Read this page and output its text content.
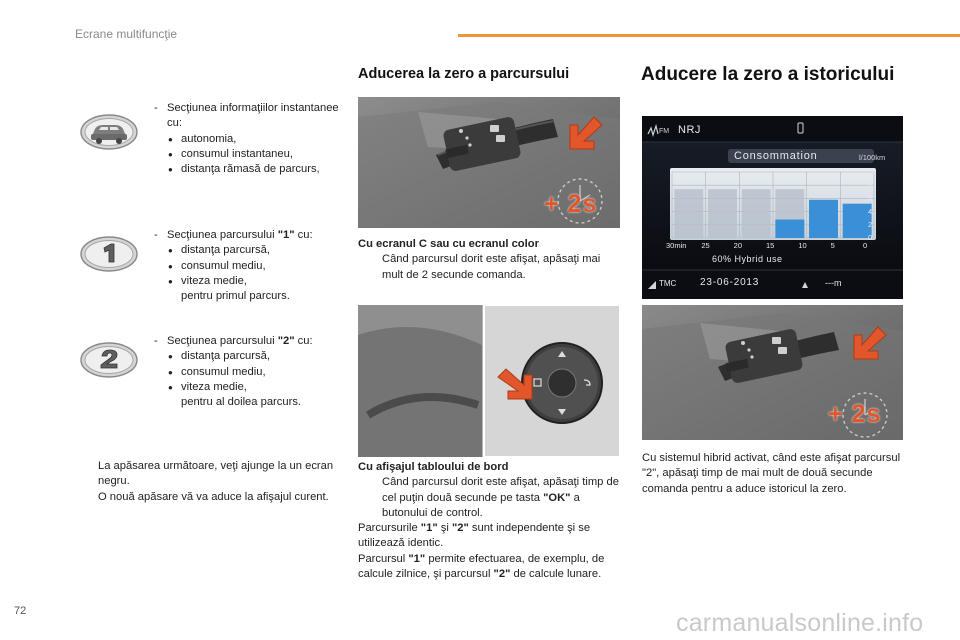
Ecrane multifuncţie
- Secţiunea informaţiilor instantanee cu:
● autonomia,
● consumul instantaneu,
● distanţa rămasă de parcurs,
- Secţiunea parcursului "1" cu:
● distanţa parcursă,
● consumul mediu,
● viteza medie,
pentru primul parcurs.
- Secţiunea parcursului "2" cu:
● distanţa parcursă,
● consumul mediu,
● viteza medie,
pentru al doilea parcurs.
La apăsarea următoare, veţi ajunge la un ecran negru.
O nouă apăsare vă va aduce la afişajul curent.
Aducerea la zero a parcursului
+ 2s
Cu ecranul C sau cu ecranul color
Când parcursul dorit este afişat, apăsaţi mai mult de 2 secunde comanda.
Cu afişajul tabloului de bord
Când parcursul dorit este afişat, apăsaţi timp de cel puţin două secunde pe tasta "OK" a butonului de control.
Parcursurile "1" şi "2" sunt independente şi se utilizează identic.
Parcursul "1" permite efectuarea, de exemplu, de calcule zilnice, şi parcursul "2" de calcule lunare.
Aducere la zero a istoricului
FM NRJ
Consommation	l/100km
10
8
6
4
2
0
30min 25	20	15	10	5	0
60% Hybrid use
TMC 23-06-2013	---m
+ 2s
Cu sistemul hibrid activat, când este afişat parcursul "2", apăsaţi timp de mai mult de două secunde comanda pentru a aduce istoricul la zero.
72	carmanualsonline.info
